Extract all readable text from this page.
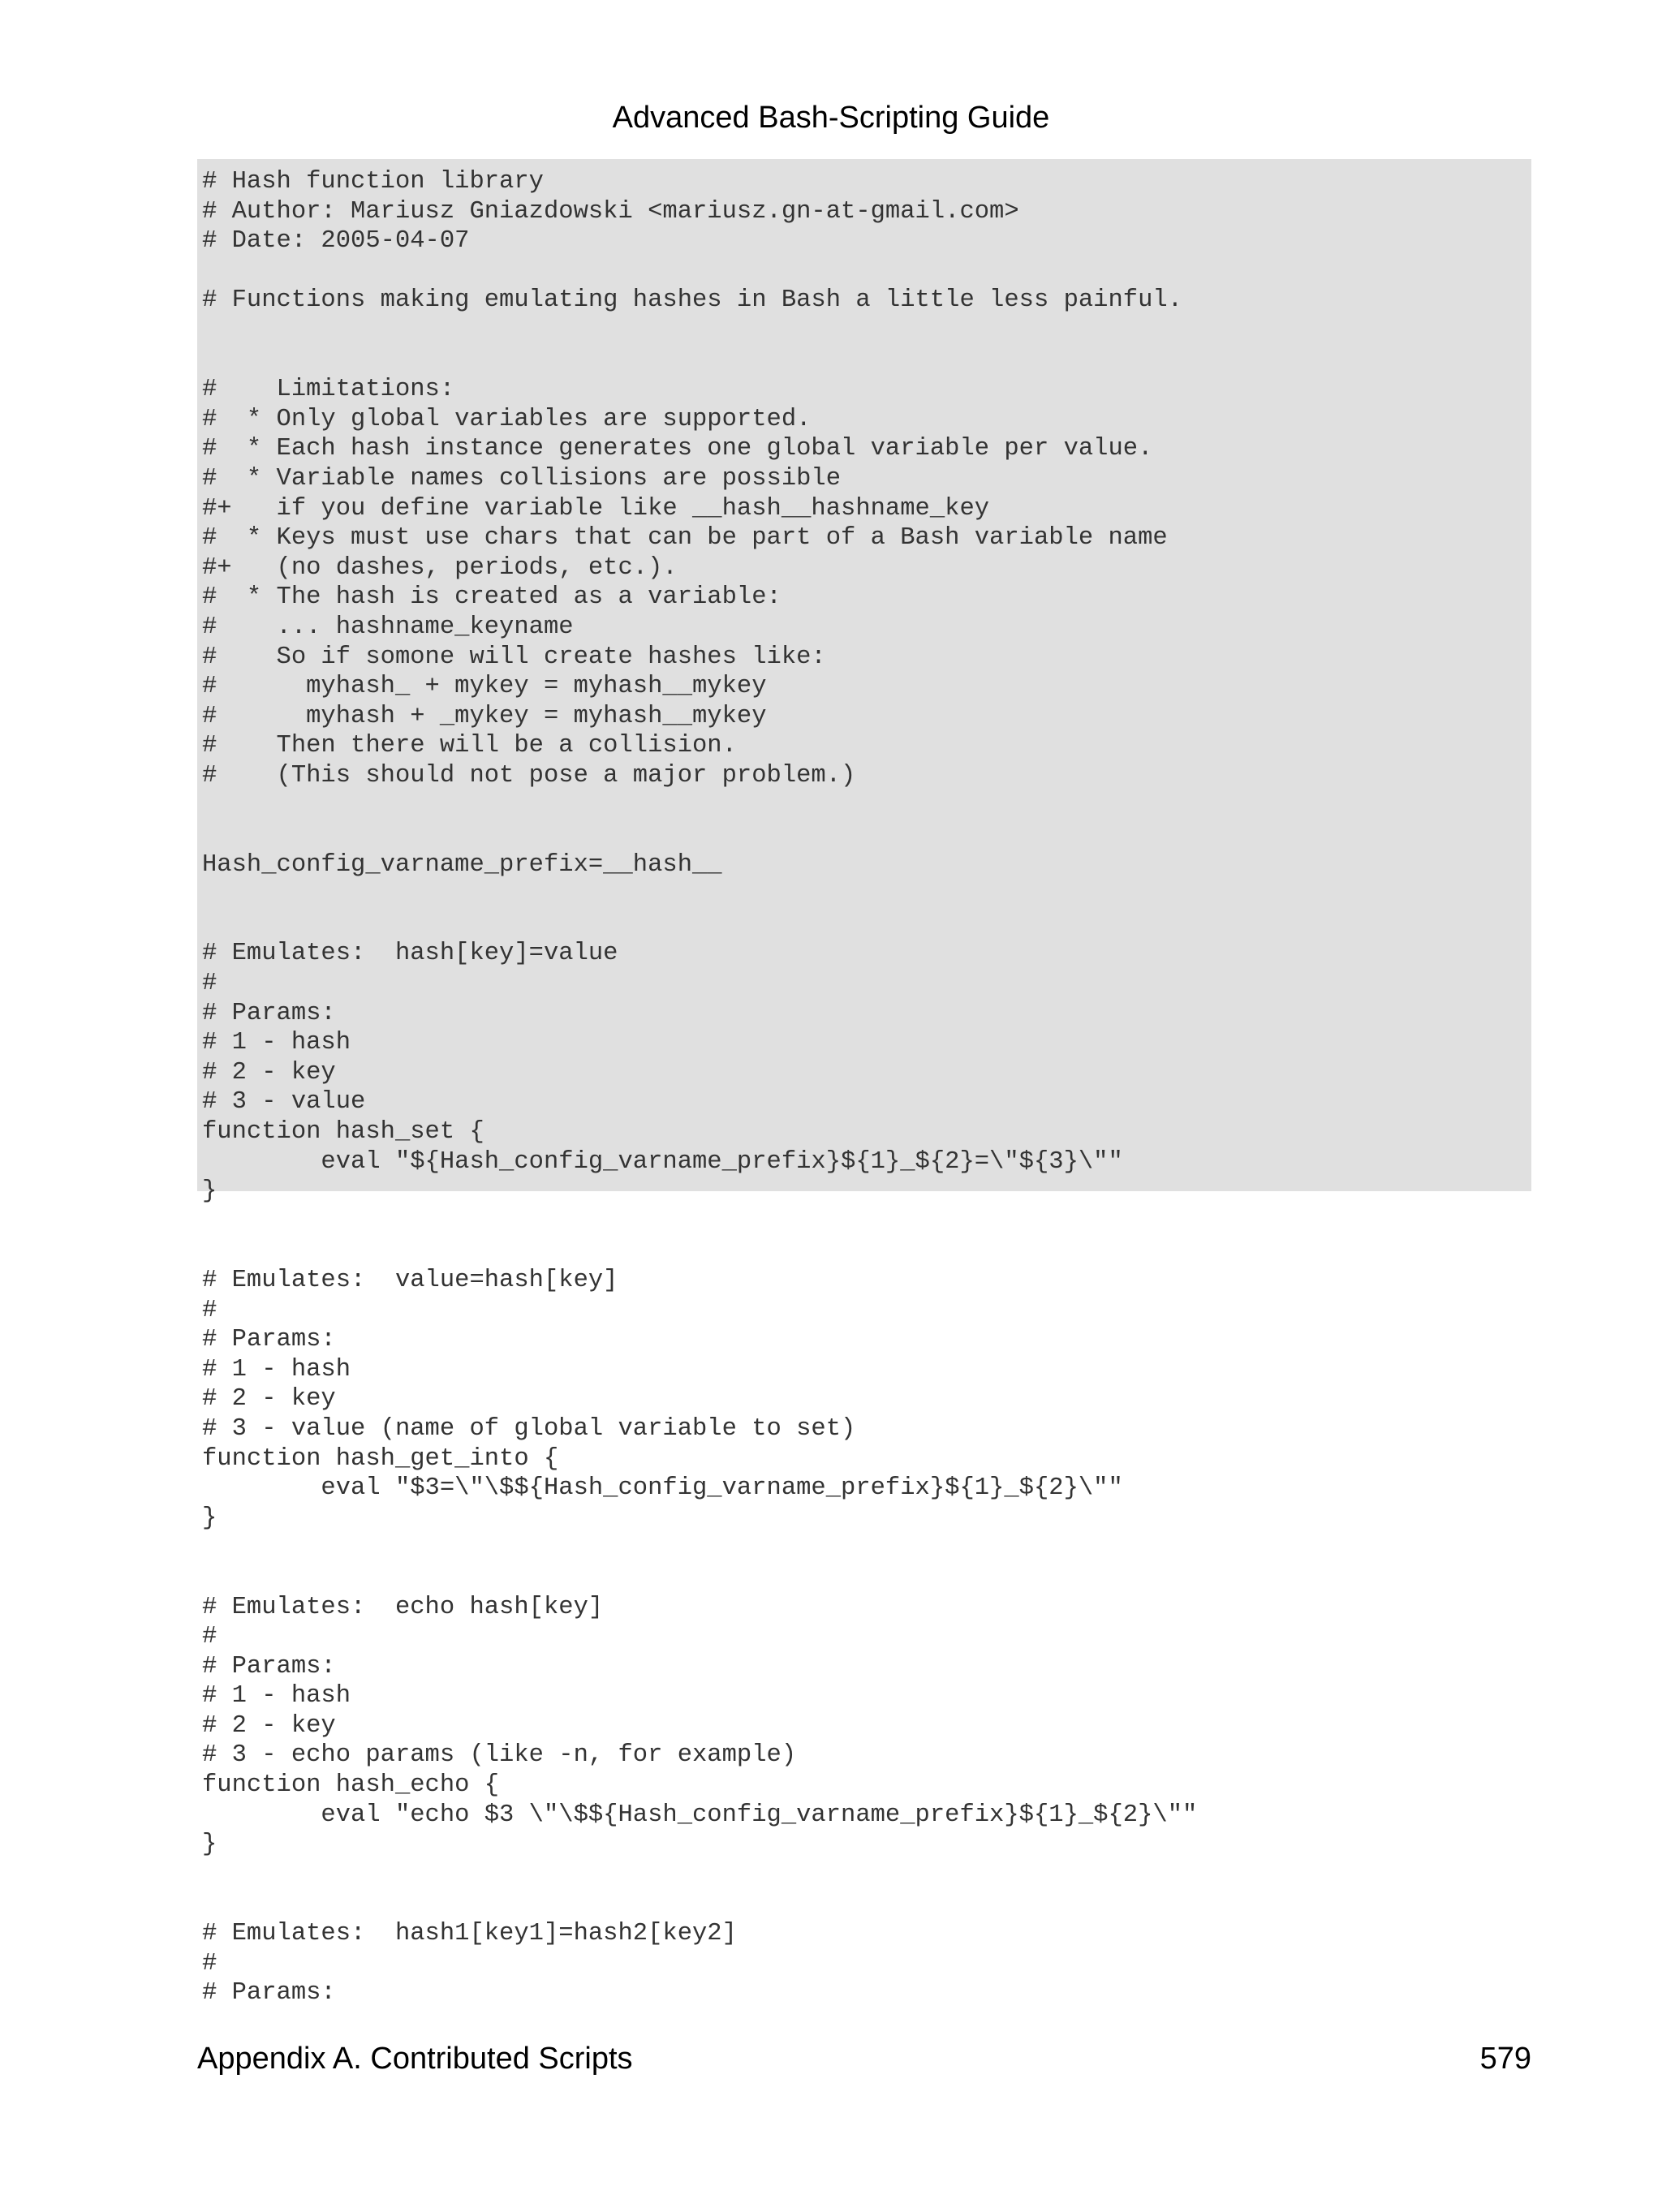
Advanced Bash-Scripting Guide
# Hash function library
# Author: Mariusz Gniazdowski <mariusz.gn-at-gmail.com>
# Date: 2005-04-07
# Functions making emulating hashes in Bash a little less painful.
#    Limitations:
#  * Only global variables are supported.
#  * Each hash instance generates one global variable per value.
#  * Variable names collisions are possible
#+   if you define variable like __hash__hashname_key
#  * Keys must use chars that can be part of a Bash variable name
#+   (no dashes, periods, etc.).
#  * The hash is created as a variable:
#    ... hashname_keyname
#    So if somone will create hashes like:
#      myhash_ + mykey = myhash__mykey
#      myhash + _mykey = myhash__mykey
#    Then there will be a collision.
#    (This should not pose a major problem.)
Hash_config_varname_prefix=__hash__
# Emulates:  hash[key]=value
#
# Params:
# 1 - hash
# 2 - key
# 3 - value
function hash_set {
eval "${Hash_config_varname_prefix}${1}_${2}=\"${3}\""
}
# Emulates:  value=hash[key]
#
# Params:
# 1 - hash
# 2 - key
# 3 - value (name of global variable to set)
function hash_get_into {
eval "$3=\"\$${Hash_config_varname_prefix}${1}_${2}\""
}
# Emulates:  echo hash[key]
#
# Params:
# 1 - hash
# 2 - key
# 3 - echo params (like -n, for example)
function hash_echo {
eval "echo $3 \"\$${Hash_config_varname_prefix}${1}_${2}\""
}
# Emulates:  hash1[key1]=hash2[key2]
#
# Params:
Appendix A. Contributed Scripts	579
